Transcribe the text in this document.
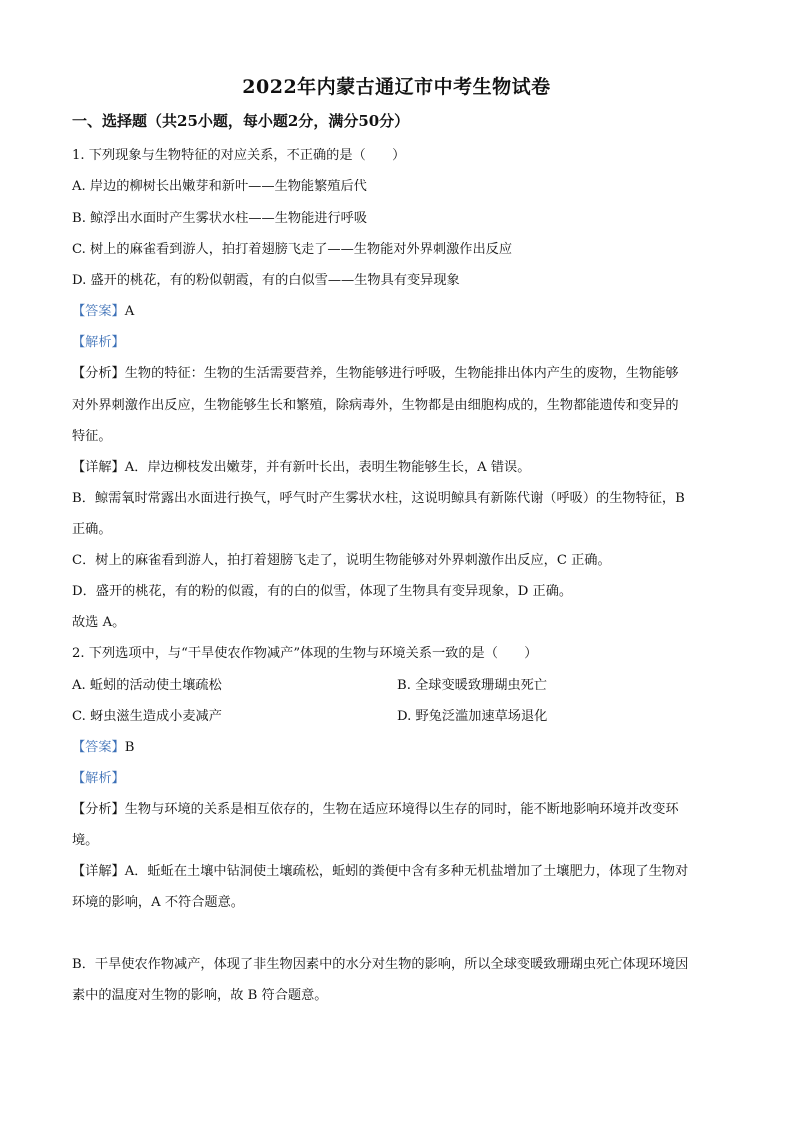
2022年内蒙古通辽市中考生物试卷
一、选择题（共25小题，每小题2分，满分50分）
1. 下列现象与生物特征的对应关系，不正确的是（　　）
A. 岸边的柳树长出嫩芽和新叶——生物能繁殖后代
B. 鲸浮出水面时产生雾状水柱——生物能进行呼吸
C. 树上的麻雀看到游人，拍打着翅膀飞走了——生物能对外界刺激作出反应
D. 盛开的桃花，有的粉似朝霞，有的白似雪——生物具有变异现象
【答案】A
【解析】
【分析】生物的特征：生物的生活需要营养，生物能够进行呼吸，生物能排出体内产生的废物，生物能够
对外界刺激作出反应，生物能够生长和繁殖，除病毒外，生物都是由细胞构成的，生物都能遗传和变异的
特征。
【详解】A．岸边柳枝发出嫩芽，并有新叶长出，表明生物能够生长，A 错误。
B．鲸需氧时常露出水面进行换气，呼气时产生雾状水柱，这说明鲸具有新陈代谢（呼吸）的生物特征，B
正确。
C．树上的麻雀看到游人，拍打着翅膀飞走了，说明生物能够对外界刺激作出反应，C 正确。
D．盛开的桃花，有的粉的似霞，有的白的似雪，体现了生物具有变异现象，D 正确。
故选 A。
2. 下列选项中，与“干旱使农作物减产”体现的生物与环境关系一致的是（　　）
A. 蚯蚓的活动使土壤疏松	B. 全球变暖致珊瑚虫死亡
C. 蚜虫滋生造成小麦减产	D. 野兔泛滥加速草场退化
【答案】B
【解析】
【分析】生物与环境的关系是相互依存的，生物在适应环境得以生存的同时，能不断地影响环境并改变环
境。
【详解】A．蚯蚯在土壤中钻洞使土壤疏松，蚯蚓的粪便中含有多种无机盐增加了土壤肥力，体现了生物对
环境的影响，A 不符合题意。
B．干旱使农作物减产，体现了非生物因素中的水分对生物的影响，所以全球变暖致珊瑚虫死亡体现环境因
素中的温度对生物的影响，故 B 符合题意。
